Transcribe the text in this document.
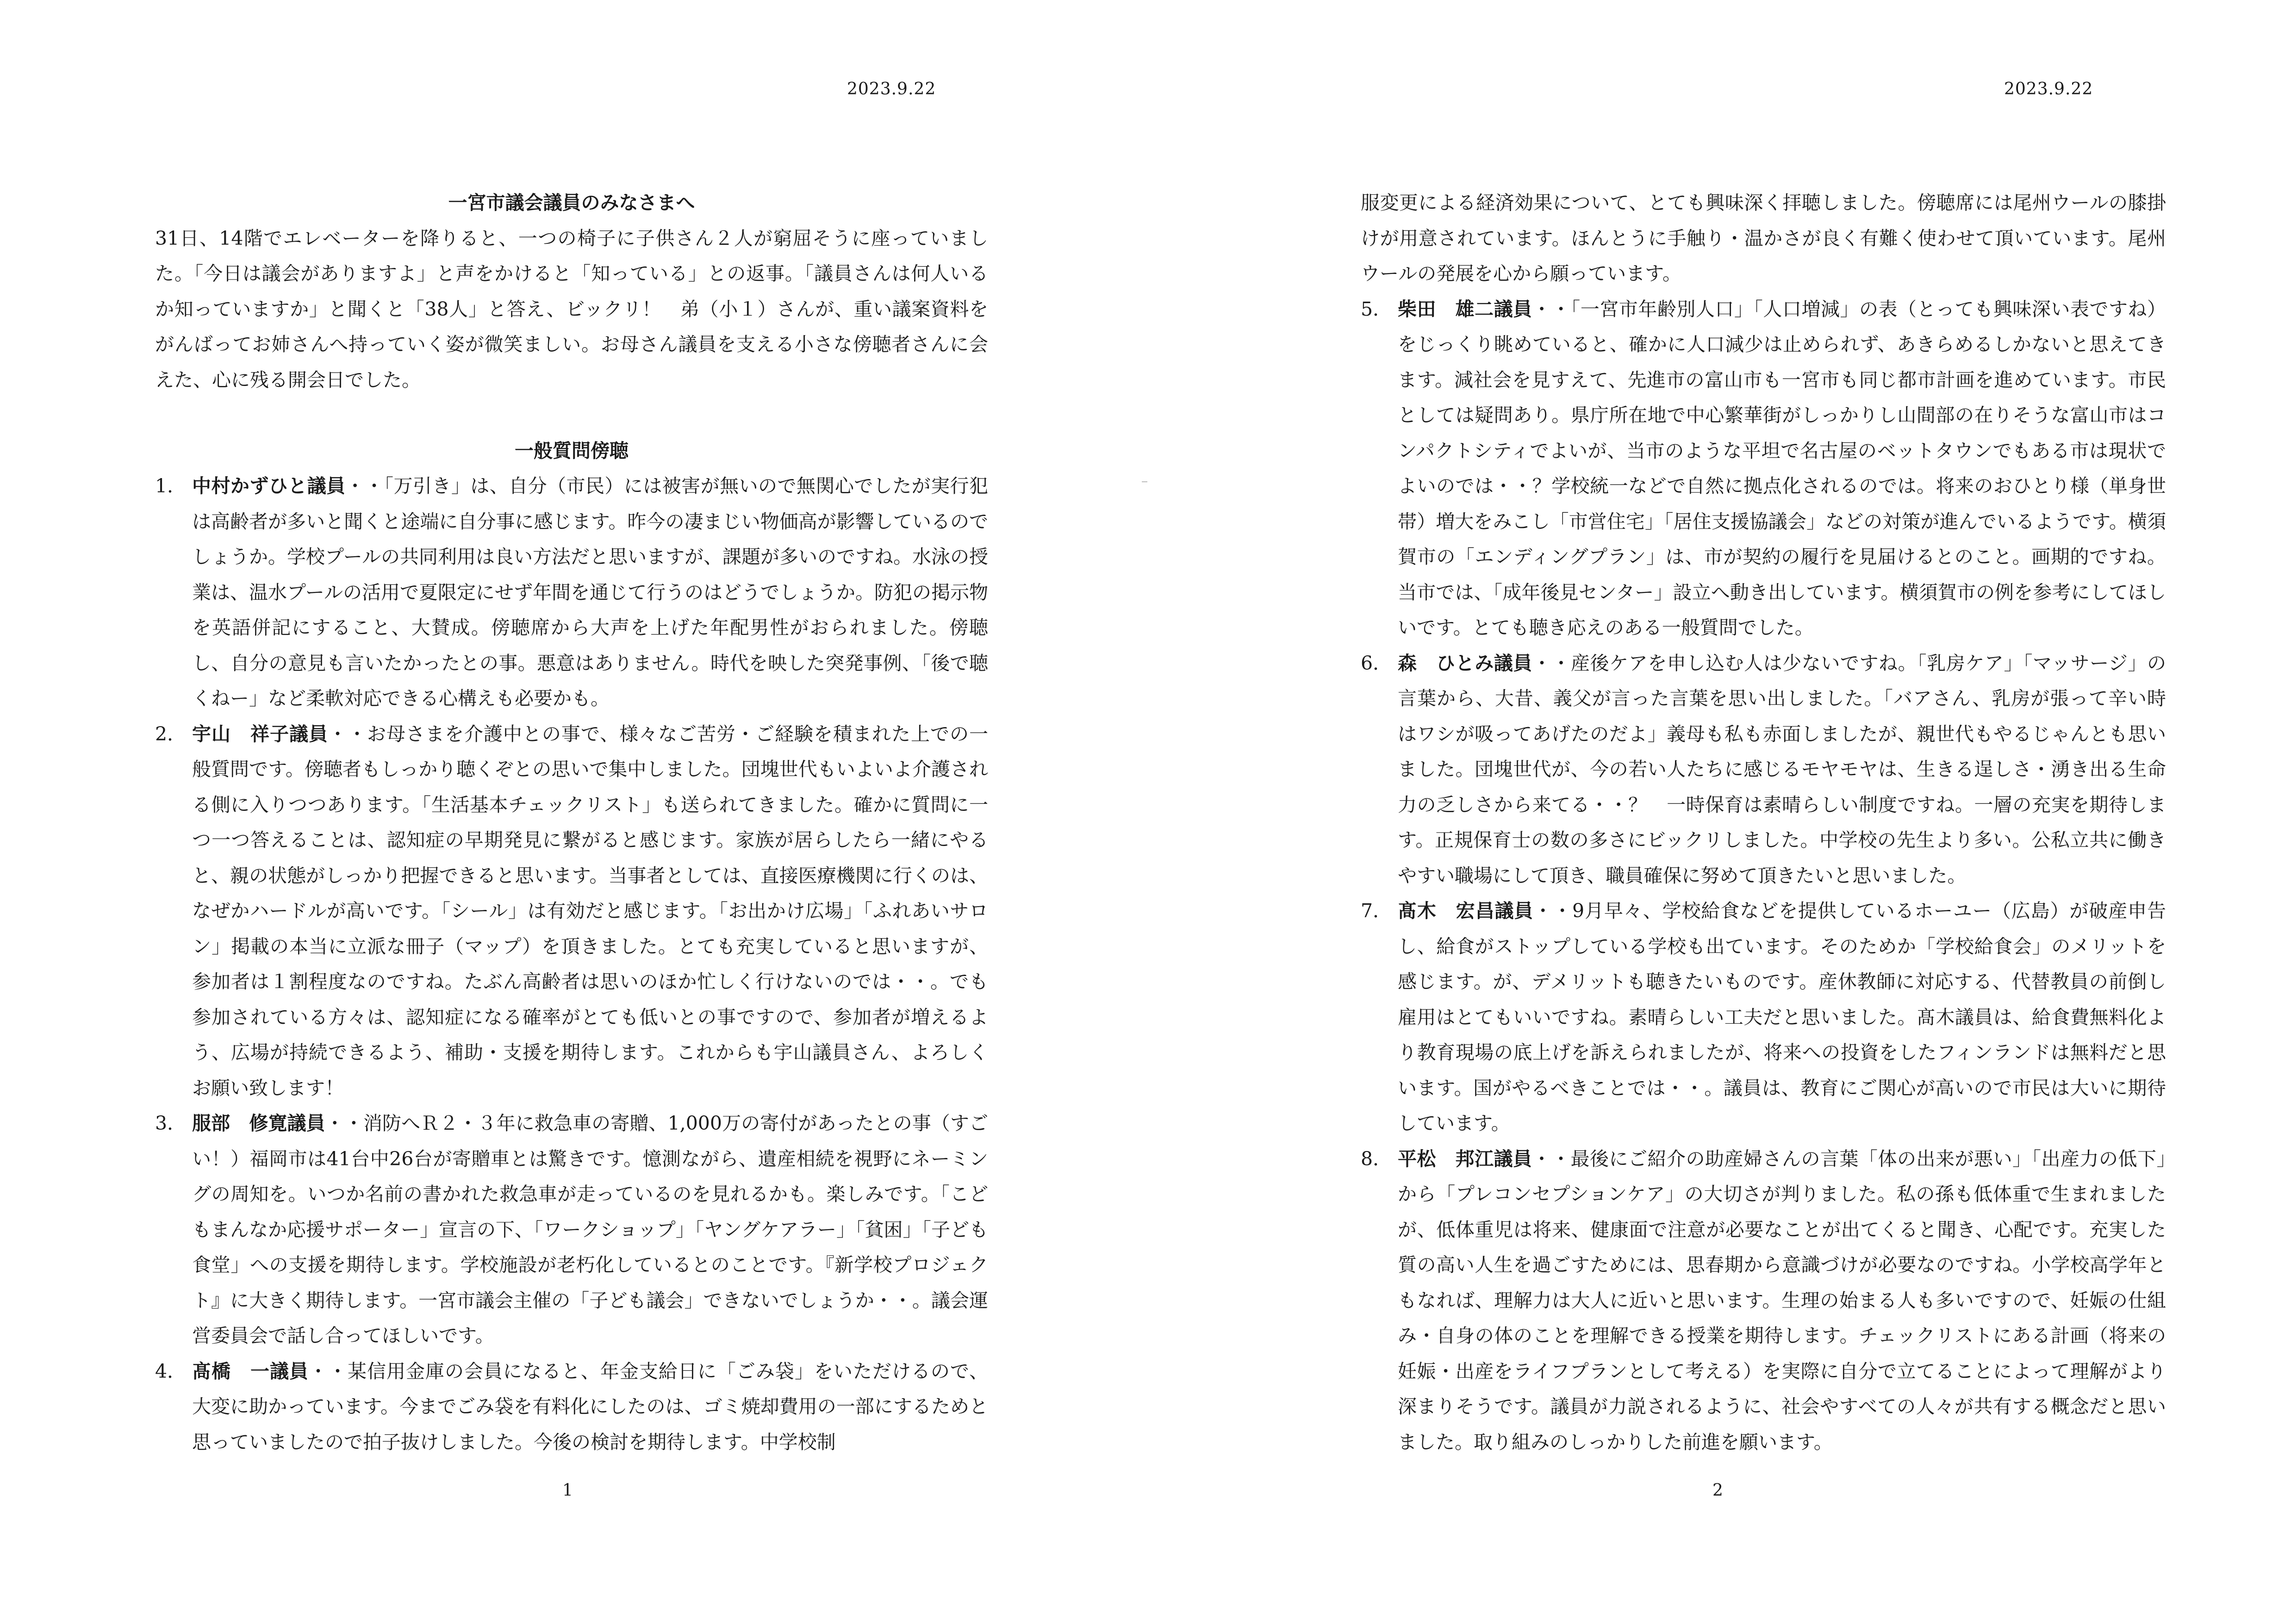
2023.9.22

一宮市議会議員のみなさまへ

31日、14階でエレベーターを降りると、一つの椅子に子供さん２人が窮屈そうに座っていました。「今日は議会がありますよ」と声をかけると「知っている」との返事。「議員さんは何人いるか知っていますか」と聞くと「38人」と答え、ビックリ！　弟（小１）さんが、重い議案資料をがんばってお姉さんへ持っていく姿が微笑ましい。お母さん議員を支える小さな傍聴者さんに会えた、心に残る開会日でした。

一般質問傍聴

1． 中村かずひと議員・・「万引き」は、自分（市民）には被害が無いので無関心でしたが実行犯は高齢者が多いと聞くと途端に自分事に感じます。昨今の凄まじい物価高が影響しているのでしょうか。学校プールの共同利用は良い方法だと思いますが、課題が多いのですね。水泳の授業は、温水プールの活用で夏限定にせず年間を通じて行うのはどうでしょうか。防犯の掲示物を英語併記にすること、大賛成。傍聴席から大声を上げた年配男性がおられました。傍聴し、自分の意見も言いたかったとの事。悪意はありません。時代を映した突発事例、「後で聴くねー」など柔軟対応できる心構えも必要かも。
2． 宇山　祥子議員・・お母さまを介護中との事で、様々なご苦労・ご経験を積まれた上での一般質問です。傍聴者もしっかり聴くぞとの思いで集中しました。団塊世代もいよいよ介護される側に入りつつあります。「生活基本チェックリスト」も送られてきました。確かに質問に一つ一つ答えることは、認知症の早期発見に繋がると感じます。家族が居らしたら一緒にやると、親の状態がしっかり把握できると思います。当事者としては、直接医療機関に行くのは、なぜかハードルが高いです。「シール」は有効だと感じます。「お出かけ広場」「ふれあいサロン」掲載の本当に立派な冊子（マップ）を頂きました。とても充実していると思いますが、参加者は１割程度なのですね。たぶん高齢者は思いのほか忙しく行けないのでは・・。でも参加されている方々は、認知症になる確率がとても低いとの事ですので、参加者が増えるよう、広場が持続できるよう、補助・支援を期待します。これからも宇山議員さん、よろしくお願い致します！
3． 服部　修寛議員・・消防へＲ２・３年に救急車の寄贈、1,000万の寄付があったとの事（すごい！）福岡市は41台中26台が寄贈車とは驚きです。憶測ながら、遺産相続を視野にネーミングの周知を。いつか名前の書かれた救急車が走っているのを見れるかも。楽しみです。「こどもまんなか応援サポーター」宣言の下、「ワークショップ」「ヤングケアラー」「貧困」「子ども食堂」への支援を期待します。学校施設が老朽化しているとのことです。『新学校プロジェクト』に大きく期待します。一宮市議会主催の「子ども議会」できないでしょうか・・。議会運営委員会で話し合ってほしいです。
4． 髙橋　一議員・・某信用金庫の会員になると、年金支給日に「ごみ袋」をいただけるので、大変に助かっています。今までごみ袋を有料化にしたのは、ゴミ焼却費用の一部にするためと思っていましたので拍子抜けしました。今後の検討を期待します。中学校制
1
2023.9.22

服変更による経済効果について、とても興味深く拝聴しました。傍聴席には尾州ウールの膝掛けが用意されています。ほんとうに手触り・温かさが良く有難く使わせて頂いています。尾州ウールの発展を心から願っています。

5． 柴田　雄二議員・・「一宮市年齢別人口」「人口増減」の表（とっても興味深い表ですね）をじっくり眺めていると、確かに人口減少は止められず、あきらめるしかないと思えてきます。減社会を見すえて、先進市の富山市も一宮市も同じ都市計画を進めています。市民としては疑問あり。県庁所在地で中心繁華街がしっかりし山間部の在りそうな富山市はコンパクトシティでよいが、当市のような平坦で名古屋のベットタウンでもある市は現状でよいのでは・・？学校統一などで自然に拠点化されるのでは。将来のおひとり様（単身世帯）増大をみこし「市営住宅」「居住支援協議会」などの対策が進んでいるようです。横須賀市の「エンディングプラン」は、市が契約の履行を見届けるとのこと。画期的ですね。当市では、「成年後見センター」設立へ動き出しています。横須賀市の例を参考にしてほしいです。とても聴き応えのある一般質問でした。
6． 森　ひとみ議員・・産後ケアを申し込む人は少ないですね。「乳房ケア」「マッサージ」の言葉から、大昔、義父が言った言葉を思い出しました。「バアさん、乳房が張って辛い時はワシが吸ってあげたのだよ」義母も私も赤面しましたが、親世代もやるじゃんとも思いました。団塊世代が、今の若い人たちに感じるモヤモヤは、生きる逞しさ・湧き出る生命力の乏しさから来てる・・？　一時保育は素晴らしい制度ですね。一層の充実を期待します。正規保育士の数の多さにビックリしました。中学校の先生より多い。公私立共に働きやすい職場にして頂き、職員確保に努めて頂きたいと思いました。
7． 髙木　宏昌議員・・9月早々、学校給食などを提供しているホーユー（広島）が破産申告し、給食がストップしている学校も出ています。そのためか「学校給食会」のメリットを感じます。が、デメリットも聴きたいものです。産休教師に対応する、代替教員の前倒し雇用はとてもいいですね。素晴らしい工夫だと思いました。髙木議員は、給食費無料化より教育現場の底上げを訴えられましたが、将来への投資をしたフィンランドは無料だと思います。国がやるべきことでは・・。議員は、教育にご関心が高いので市民は大いに期待しています。
8． 平松　邦江議員・・最後にご紹介の助産婦さんの言葉「体の出来が悪い」「出産力の低下」から「プレコンセプションケア」の大切さが判りました。私の孫も低体重で生まれましたが、低体重児は将来、健康面で注意が必要なことが出てくると聞き、心配です。充実した質の高い人生を過ごすためには、思春期から意識づけが必要なのですね。小学校高学年ともなれば、理解力は大人に近いと思います。生理の始まる人も多いですので、妊娠の仕組み・自身の体のことを理解できる授業を期待します。チェックリストにある計画（将来の妊娠・出産をライフプランとして考える）を実際に自分で立てることによって理解がより深まりそうです。議員が力説されるように、社会やすべての人々が共有する概念だと思いました。取り組みのしっかりした前進を願います。
2
